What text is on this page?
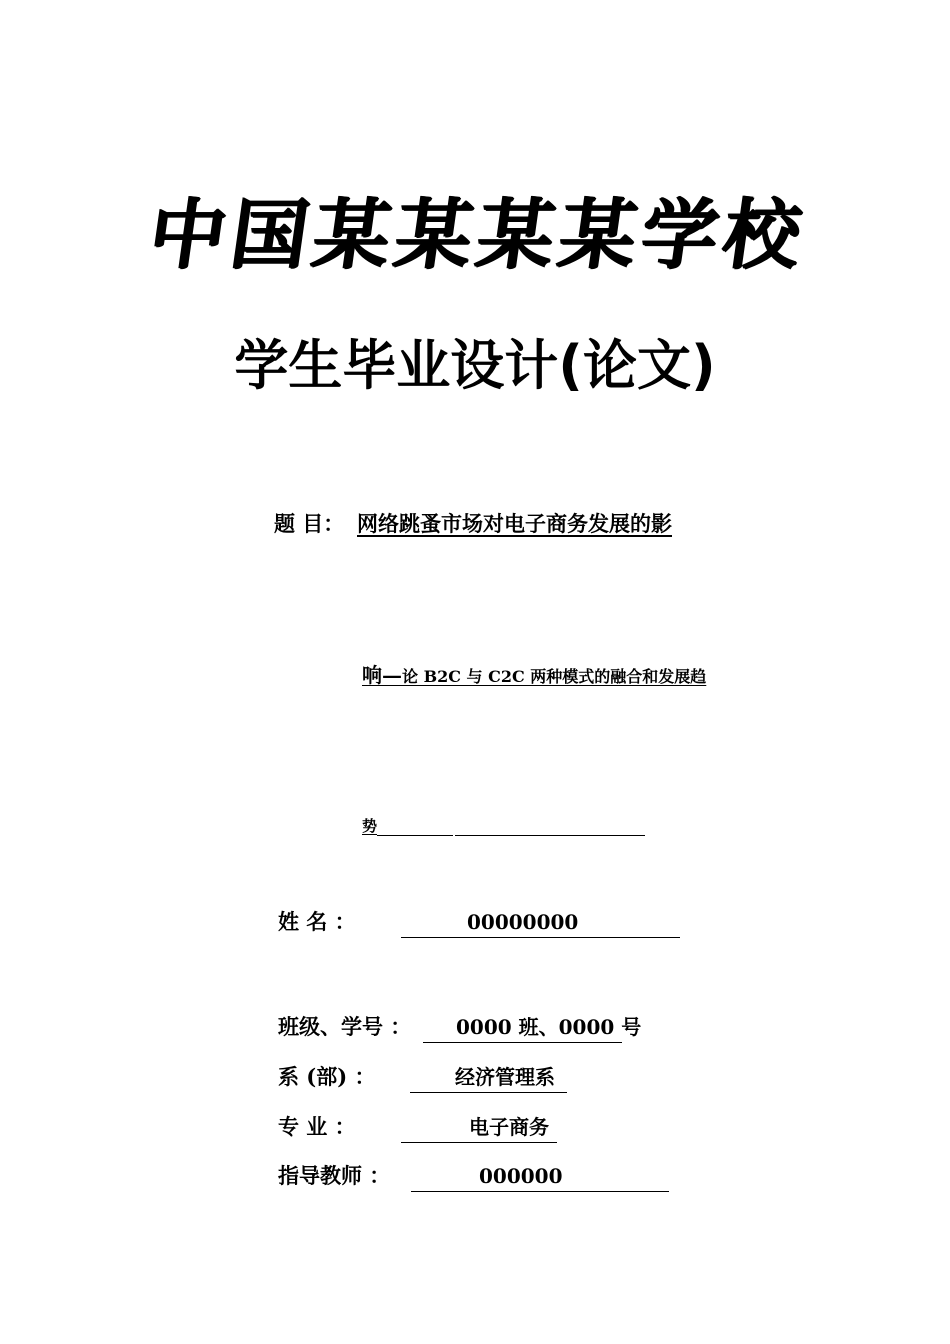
中国某某某某学校
学生毕业设计(论文)
题 目： 网络跳蚤市场对电子商务发展的影
响—论 B2C 与 C2C 两种模式的融合和发展趋
势
姓 名 ：	00000000
班级、学号 ： 0000 班、0000 号
系 (部) ：	经济管理系
专 业 ：	电子商务
指导教师 ：	000000
